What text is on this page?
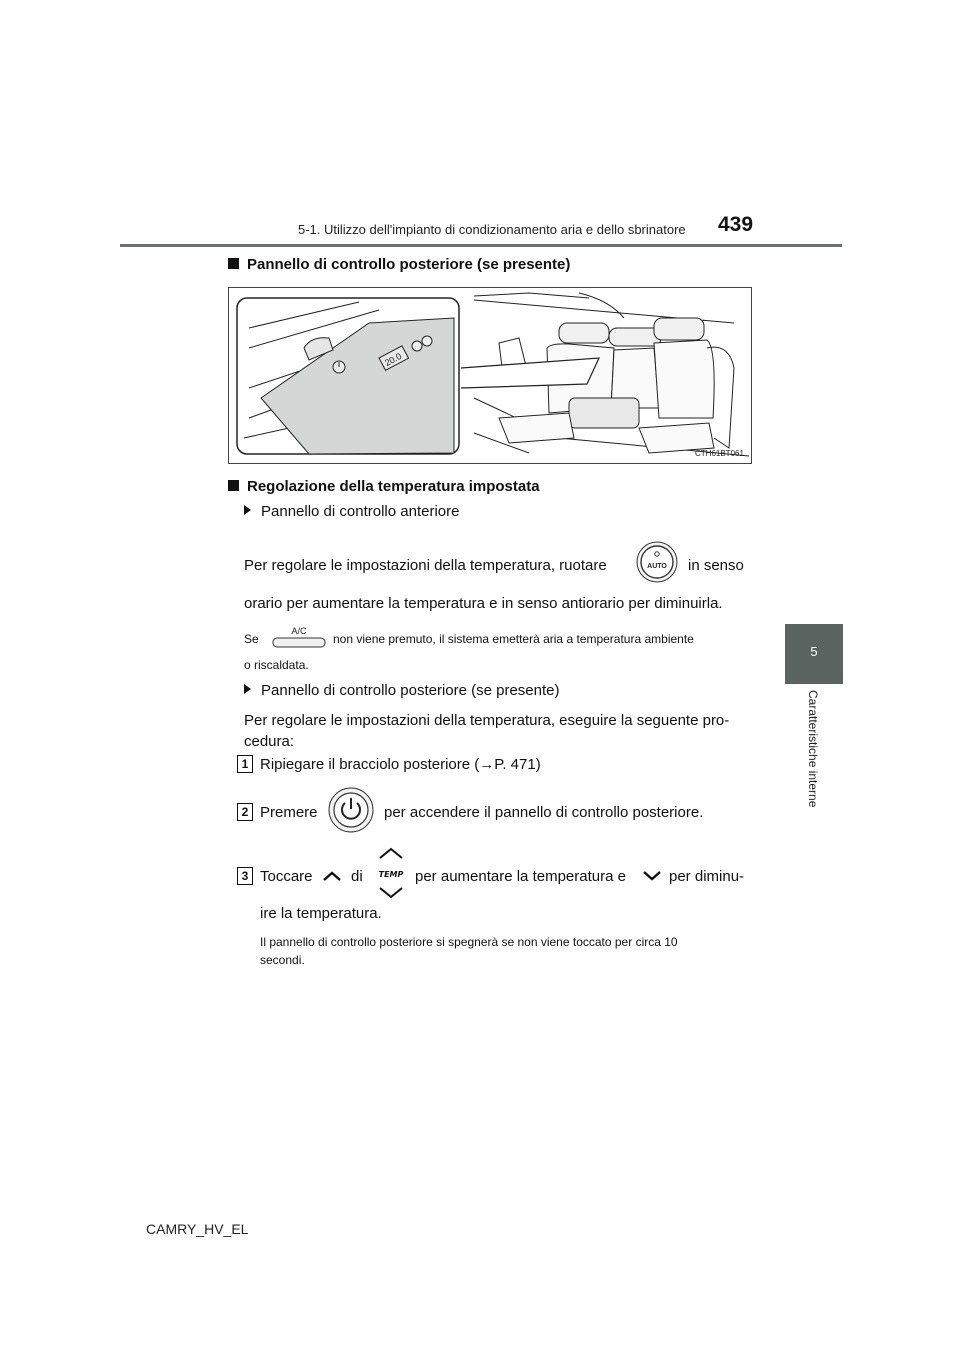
5-1. Utilizzo dell'impianto di condizionamento aria e dello sbrinatore 439
5
Caratteristiche interne
Pannello di controllo posteriore (se presente)
20.0
CTH61BT061
Regolazione della temperatura impostata
Pannello di controllo anteriore
Per regolare le impostazioni della temperatura, ruotare	AUTO in senso
orario per aumentare la temperatura e in senso antiorario per diminuirla.
Se
A/C
non viene premuto, il sistema emetterà aria a temperatura ambiente
o riscaldata.
Pannello di controllo posteriore (se presente)
Per regolare le impostazioni della temperatura, eseguire la seguente pro-
cedura:
1 Ripiegare il bracciolo posteriore (→P. 471)
2 Premere	per accendere il pannello di controllo posteriore.
3 Toccare	di TEMP per aumentare la temperatura e	per diminu-
ire la temperatura.
Il pannello di controllo posteriore si spegnerà se non viene toccato per circa 10
secondi.
CAMRY_HV_EL
